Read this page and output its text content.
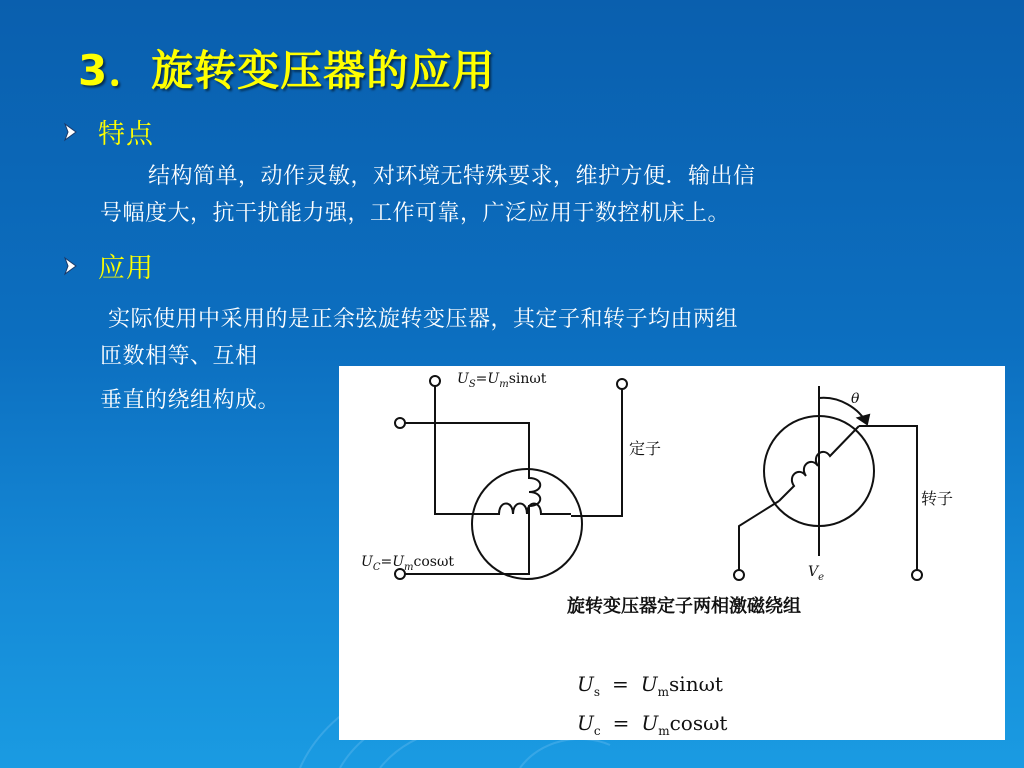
3．旋转变压器的应用
特点
结构简单，动作灵敏，对环境无特殊要求，维护方便．输出信
号幅度大，抗干扰能力强，工作可靠，广泛应用于数控机床上。
应用
实际使用中采用的是正余弦旋转变压器，其定子和转子均由两组
匝数相等、互相
垂直的绕组构成。
$U_S=U_m\sin\omega t$
$U_C=U_m\cos\omega t$
θ
$V_e$
定子
转子
旋转变压器定子两相激磁绕组
$U_s = U_m\sin\omega t$
$U_c = U_m\cos\omega t$
